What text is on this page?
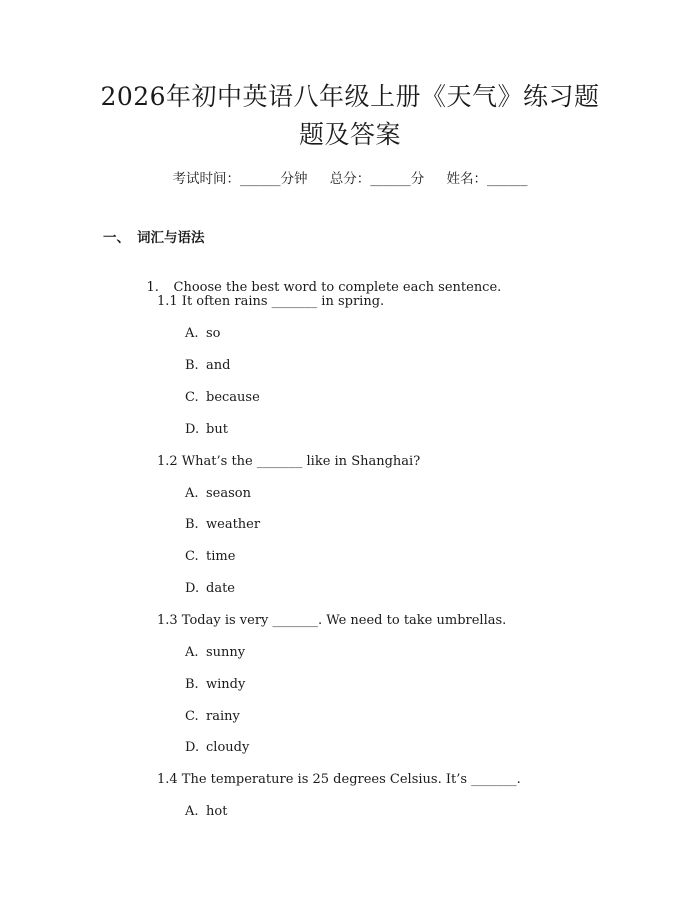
2026年初中英语八年级上册《天气》练习题
题及答案
考试时间：______分钟 总分：______分 姓名：______
一、 词汇与语法

1. Choose the best word to complete each sentence.

1.1 It often rains _______ in spring.
A. so
B. and
C. because
D. but
1.2 What’s the _______ like in Shanghai?
A. season
B. weather
C. time
D. date
1.3 Today is very _______. We need to take umbrellas.
A. sunny
B. windy
C. rainy
D. cloudy
1.4 The temperature is 25 degrees Celsius. It’s _______.
A. hot
